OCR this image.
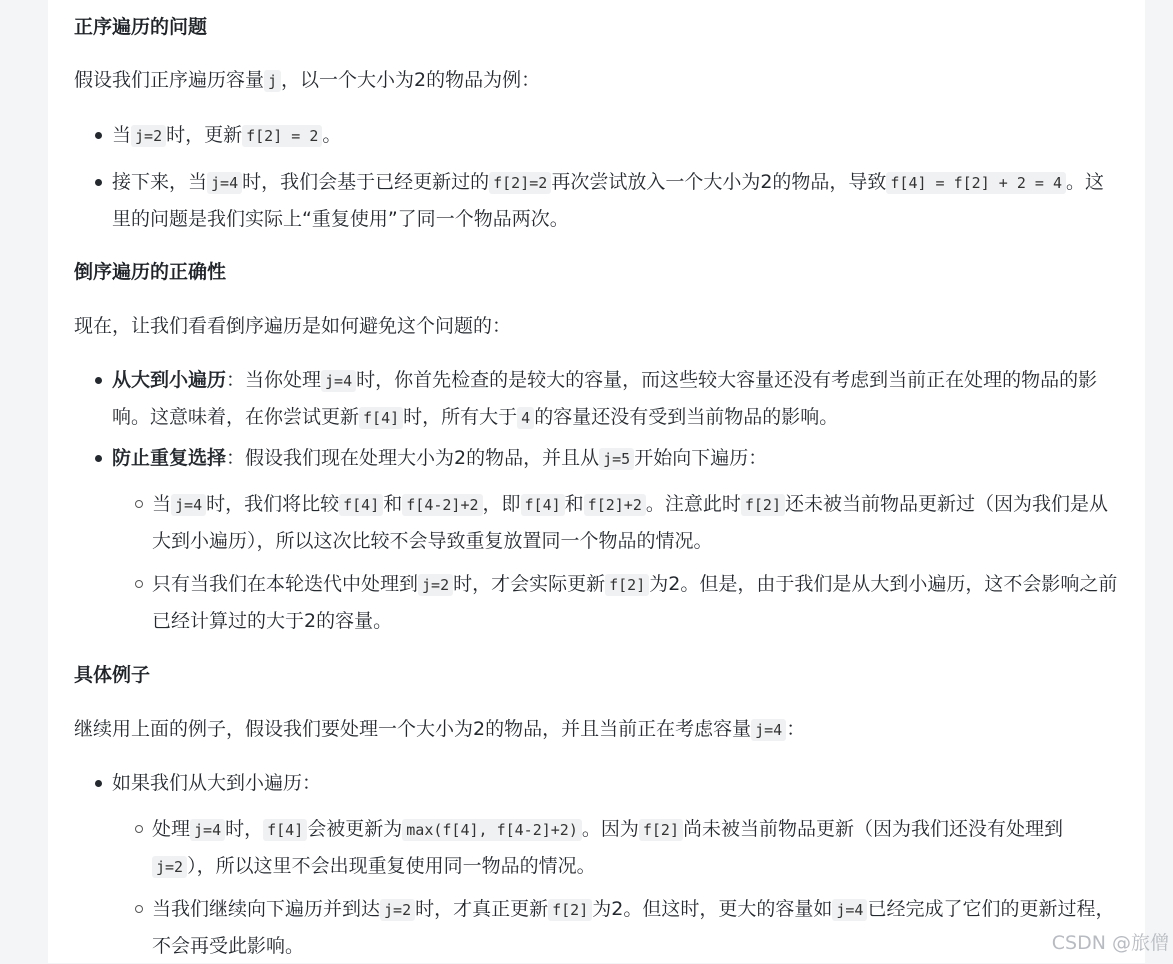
正序遍历的问题

假设我们正序遍历容量 j ，以一个大小为2的物品为例：

当 j=2 时，更新 f[2] = 2 。
接下来，当 j=4 时，我们会基于已经更新过的 f[2]=2 再次尝试放入一个大小为2的物品，导致 f[4] = f[2] + 2 = 4 。这里的问题是我们实际上“重复使用”了同一个物品两次。
倒序遍历的正确性

现在，让我们看看倒序遍历是如何避免这个问题的：

从大到小遍历：当你处理 j=4 时，你首先检查的是较大的容量，而这些较大容量还没有考虑到当前正在处理的物品的影响。这意味着，在你尝试更新 f[4] 时，所有大于 4 的容量还没有受到当前物品的影响。
防止重复选择：假设我们现在处理大小为2的物品，并且从 j=5 开始向下遍历：
当 j=4 时，我们将比较 f[4] 和 f[4-2]+2 ，即 f[4] 和 f[2]+2 。注意此时 f[2] 还未被当前物品更新过（因为我们是从大到小遍历），所以这次比较不会导致重复放置同一个物品的情况。
只有当我们在本轮迭代中处理到 j=2 时，才会实际更新 f[2] 为2。但是，由于我们是从大到小遍历，这不会影响之前已经计算过的大于2的容量。
具体例子

继续用上面的例子，假设我们要处理一个大小为2的物品，并且当前正在考虑容量 j=4 ：

如果我们从大到小遍历：
处理 j=4 时， f[4] 会被更新为 max(f[4], f[4-2]+2) 。因为 f[2] 尚未被当前物品更新（因为我们还没有处理到j=2 ），所以这里不会出现重复使用同一物品的情况。
当我们继续向下遍历并到达 j=2 时，才真正更新 f[2] 为2。但这时，更大的容量如 j=4 已经完成了它们的更新过程，不会再受此影响。	CSDN @旅僧
